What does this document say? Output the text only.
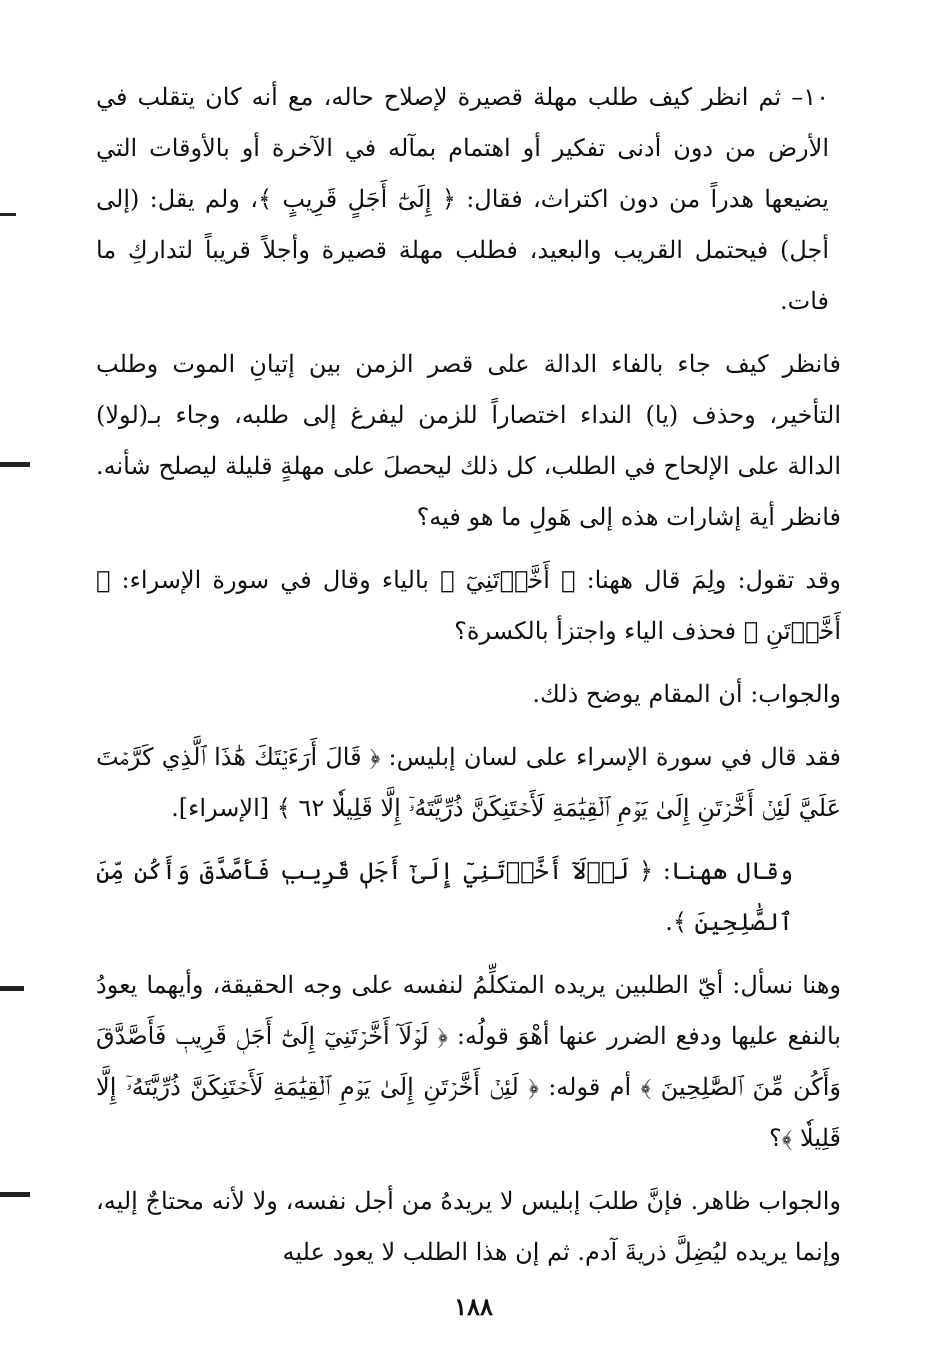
١٠– ثم انظر كيف طلب مهلة قصيرة لإصلاح حاله، مع أنه كان يتقلب في الأرض من دون أدنى تفكير أو اهتمام بمآله في الآخرة أو بالأوقات التي يضيعها هدراً من دون اكتراث، فقال: ﴿ إِلَىٰٓ أَجَلٍ قَرِيبٍ ﴾، ولم يقل: (إلى أجل) فيحتمل القريب والبعيد، فطلب مهلة قصيرة وأجلاً قريباً لتداركِ ما فات.

فانظر كيف جاء بالفاء الدالة على قصر الزمن بين إتيانِ الموت وطلب التأخير، وحذف (يا) النداء اختصاراً للزمن ليفرغ إلى طلبه، وجاء بـ(لولا) الدالة على الإلحاح في الطلب، كل ذلك ليحصلَ على مهلةٍ قليلة ليصلح شأنه. فانظر أية إشارات هذه إلى هَولِ ما هو فيه؟

وقد تقول: ولِمَ قال ههنا: ﴿ أَخَّرۡتَنِيٓ ﴾ بالياء وقال في سورة الإسراء: ﴿ أَخَّرۡتَنِ ﴾ فحذف الياء واجتزأ بالكسرة؟

والجواب: أن المقام يوضح ذلك.

فقد قال في سورة الإسراء على لسان إبليس: ﴿ قَالَ أَرَءَيۡتَكَ هَٰذَا ٱلَّذِي كَرَّمۡتَ عَلَيَّ لَئِنۡ أَخَّرۡتَنِ إِلَىٰ يَوۡمِ ٱلۡقِيَٰمَةِ لَأَحۡتَنِكَنَّ ذُرِّيَّتَهُۥٓ إِلَّا قَلِيلٗا ٦٢ ﴾ [الإسراء].

وقال ههنا: ﴿ لَوۡلَآ أَخَّرۡتَنِيٓ إِلَىٰٓ أَجَلٖ قَرِيبٖ فَأَصَّدَّقَ وَأَكُن مِّنَ ٱلصَّٰلِحِينَ ﴾.

وهنا نسأل: أيّ الطلبين يريده المتكلِّمُ لنفسه على وجه الحقيقة، وأيهما يعودُ بالنفع عليها ودفع الضرر عنها أهْوَ قولُه: ﴿ لَوۡلَآ أَخَّرۡتَنِيٓ إِلَىٰٓ أَجَلٖ قَرِيبٖ فَأَصَّدَّقَ وَأَكُن مِّنَ ٱلصَّٰلِحِينَ ﴾ أم قوله: ﴿ لَئِنۡ أَخَّرۡتَنِ إِلَىٰ يَوۡمِ ٱلۡقِيَٰمَةِ لَأَحۡتَنِكَنَّ ذُرِّيَّتَهُۥٓ إِلَّا قَلِيلٗا ﴾؟

والجواب ظاهر. فإنَّ طلبَ إبليس لا يريدهُ من أجل نفسه، ولا لأنه محتاجٌ إليه، وإنما يريده ليُضِلَّ ذريةَ آدم. ثم إن هذا الطلب لا يعود عليه

١٨٨
